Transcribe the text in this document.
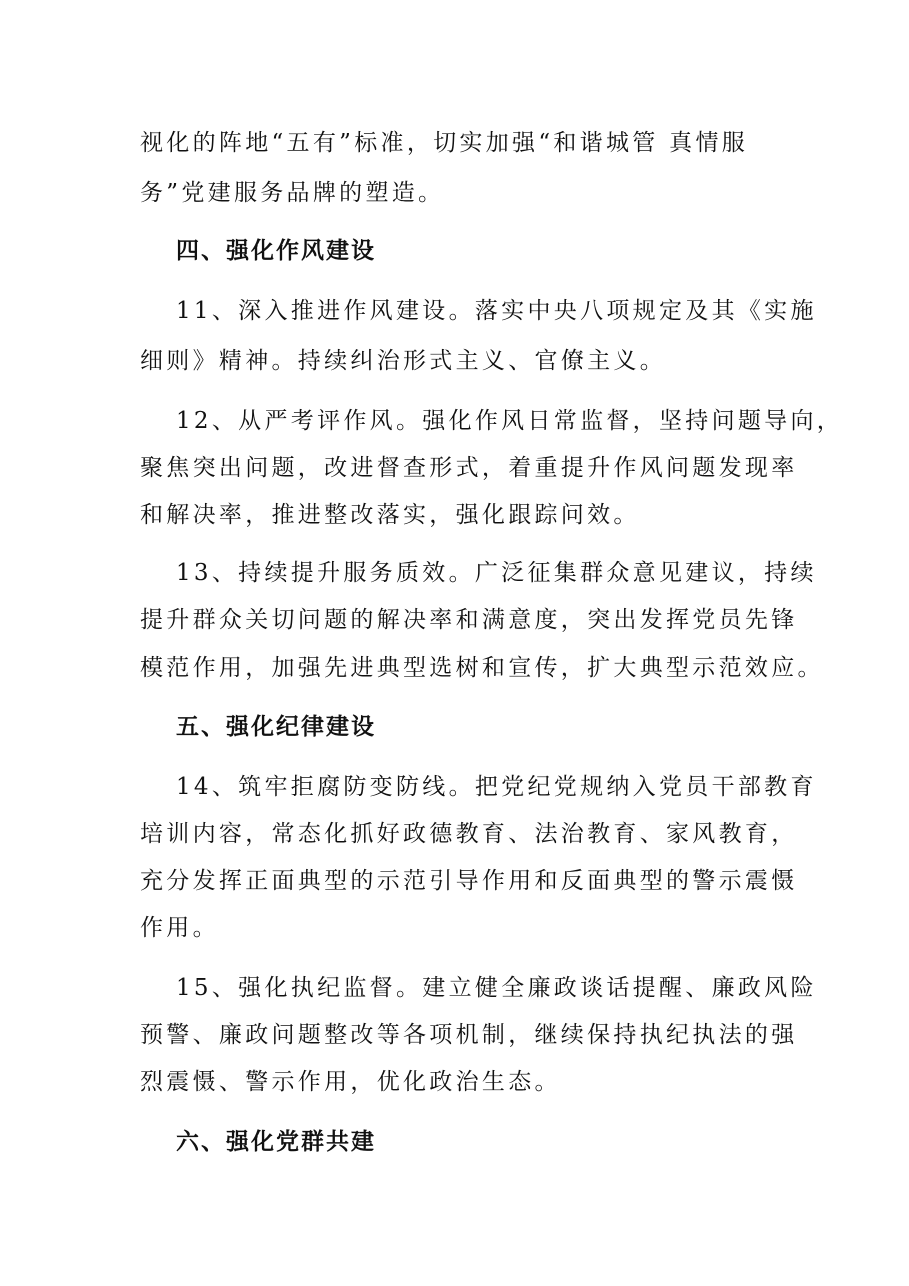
视化的阵地“五有”标准，切实加强“和谐城管 真情服
务”党建服务品牌的塑造。
四、强化作风建设
11、深入推进作风建设。落实中央八项规定及其《实施
细则》精神。持续纠治形式主义、官僚主义。
12、从严考评作风。强化作风日常监督，坚持问题导向，
聚焦突出问题，改进督查形式，着重提升作风问题发现率
和解决率，推进整改落实，强化跟踪问效。
13、持续提升服务质效。广泛征集群众意见建议，持续
提升群众关切问题的解决率和满意度，突出发挥党员先锋
模范作用，加强先进典型选树和宣传，扩大典型示范效应。
五、强化纪律建设
14、筑牢拒腐防变防线。把党纪党规纳入党员干部教育
培训内容，常态化抓好政德教育、法治教育、家风教育，
充分发挥正面典型的示范引导作用和反面典型的警示震慑
作用。
15、强化执纪监督。建立健全廉政谈话提醒、廉政风险
预警、廉政问题整改等各项机制，继续保持执纪执法的强
烈震慑、警示作用，优化政治生态。
六、强化党群共建
